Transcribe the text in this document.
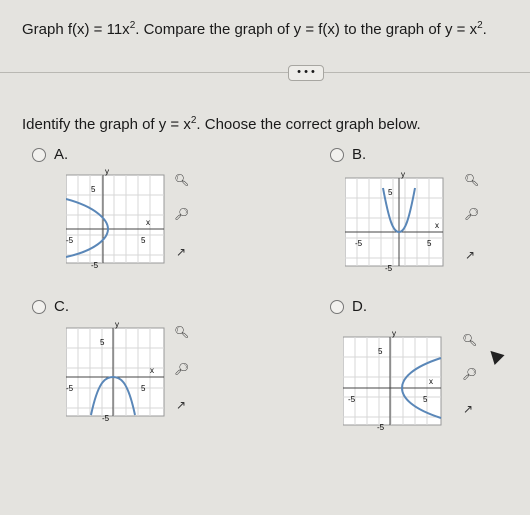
Graph $f(x) = 11x^2$. Compare the graph of y = f(x) to the graph of $y = x^2$.
• • •
Identify the graph of $y = x^2$. Choose the correct graph below.
A.	B.
C.	D.
y
x
5
5
-5
-5
y
x
5
5
-5
-5
y
x
5
5
-5
-5
y
x
5
5
-5
-5
🔍︎
🔎︎
↗
🔍︎
🔎︎
↗
🔍︎
🔎︎
↗
🔍︎
🔎︎
↗
